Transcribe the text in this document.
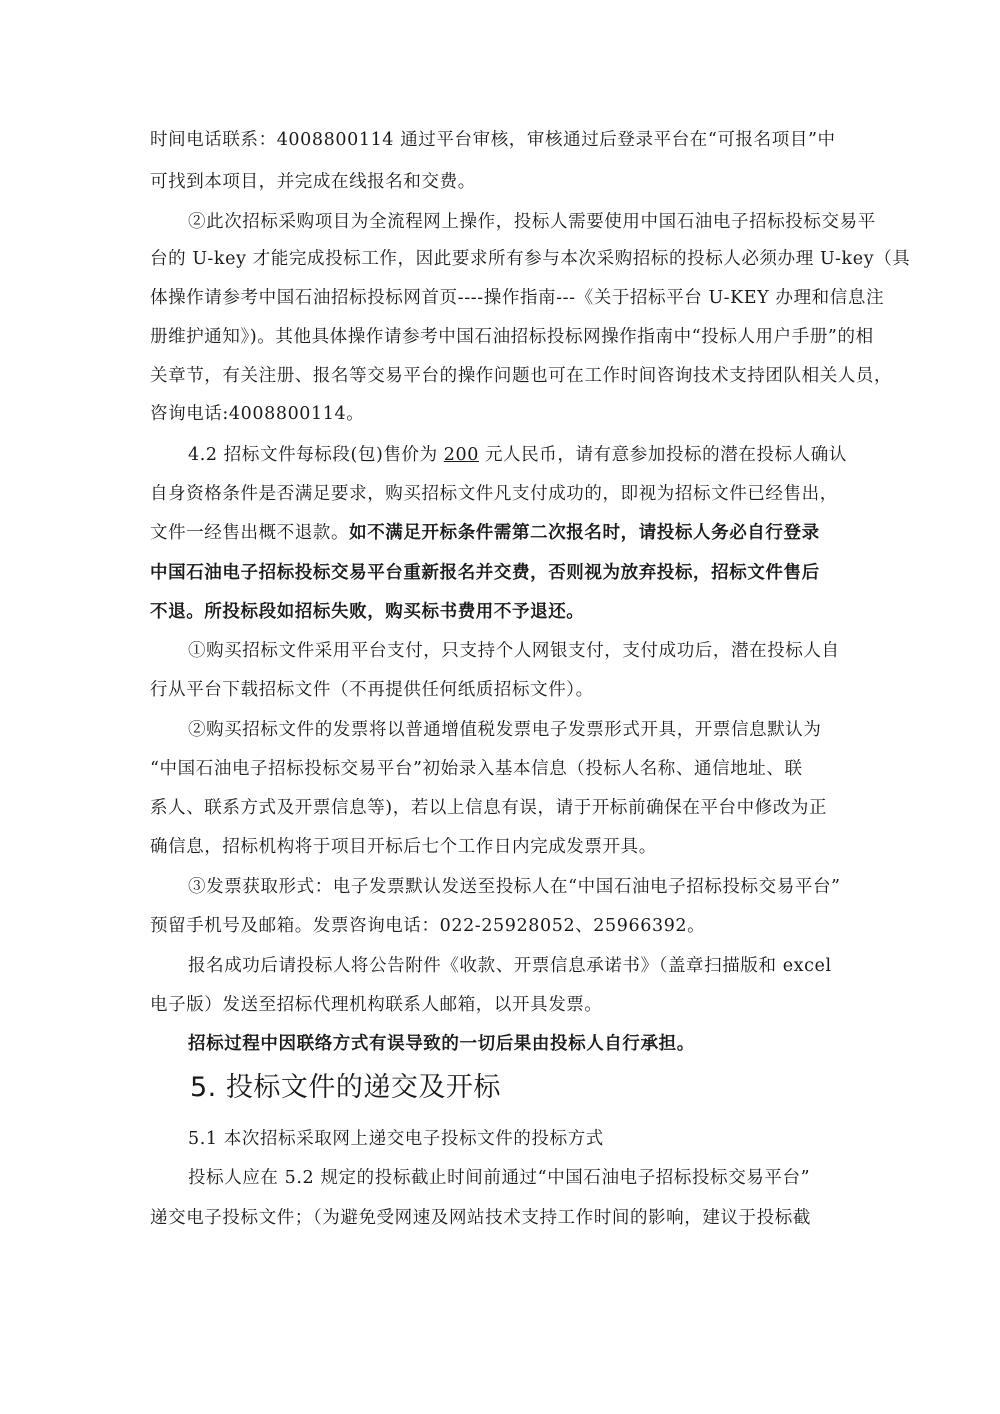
时间电话联系：4008800114 通过平台审核，审核通过后登录平台在“可报名项目”中
可找到本项目，并完成在线报名和交费。
②此次招标采购项目为全流程网上操作，投标人需要使用中国石油电子招标投标交易平
台的 U-key 才能完成投标工作，因此要求所有参与本次采购招标的投标人必须办理 U-key（具
体操作请参考中国石油招标投标网首页----操作指南---《关于招标平台 U-KEY 办理和信息注
册维护通知》)。其他具体操作请参考中国石油招标投标网操作指南中“投标人用户手册”的相
关章节，有关注册、报名等交易平台的操作问题也可在工作时间咨询技术支持团队相关人员，
咨询电话:4008800114。
4.2 招标文件每标段(包)售价为 200 元人民币，请有意参加投标的潜在投标人确认
自身资格条件是否满足要求，购买招标文件凡支付成功的，即视为招标文件已经售出，
文件一经售出概不退款。如不满足开标条件需第二次报名时，请投标人务必自行登录
中国石油电子招标投标交易平台重新报名并交费，否则视为放弃投标，招标文件售后
不退。所投标段如招标失败，购买标书费用不予退还。
①购买招标文件采用平台支付，只支持个人网银支付，支付成功后，潜在投标人自
行从平台下载招标文件（不再提供任何纸质招标文件）。
②购买招标文件的发票将以普通增值税发票电子发票形式开具，开票信息默认为
“中国石油电子招标投标交易平台”初始录入基本信息（投标人名称、通信地址、联
系人、联系方式及开票信息等)，若以上信息有误，请于开标前确保在平台中修改为正
确信息，招标机构将于项目开标后七个工作日内完成发票开具。
③发票获取形式：电子发票默认发送至投标人在“中国石油电子招标投标交易平台”
预留手机号及邮箱。发票咨询电话：022-25928052、25966392。
报名成功后请投标人将公告附件《收款、开票信息承诺书》（盖章扫描版和 excel
电子版）发送至招标代理机构联系人邮箱，以开具发票。
招标过程中因联络方式有误导致的一切后果由投标人自行承担。
5. 投标文件的递交及开标
5.1 本次招标采取网上递交电子投标文件的投标方式
投标人应在 5.2 规定的投标截止时间前通过“中国石油电子招标投标交易平台”
递交电子投标文件；（为避免受网速及网站技术支持工作时间的影响，建议于投标截
